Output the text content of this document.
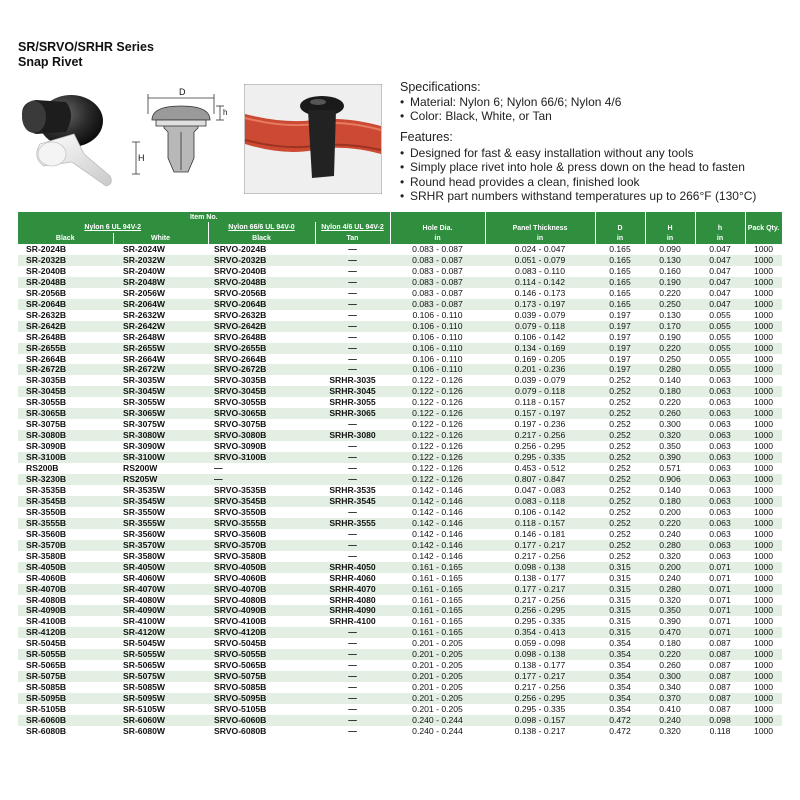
SR/SRVO/SRHR Series
Snap Rivet
D
h
H
Specifications:
• Material: Nylon 6; Nylon 66/6; Nylon 4/6
• Color: Black, White, or Tan
Features:
• Designed for fast & easy installation without any tools
• Simply place rivet into hole & press down on the head to fasten
• Round head provides a clean, finished look
• SRHR part numbers withstand temperatures up to 266°F (130°C)
Item No.				Hole Dia.	Panel Thickness	D	H	h	Pack Qty.
Nylon 6 UL 94V-2		Nylon 66/6 UL 94V-0	Nylon 4/6 UL 94V-2						
Black	White	Black	Tan	in	in	in	in	in	
SR-2024B	SR-2024W	SRVO-2024B	—	0.083 - 0.087	0.024 - 0.047	0.165	0.090	0.047	1000
SR-2032B	SR-2032W	SRVO-2032B	—	0.083 - 0.087	0.051 - 0.079	0.165	0.130	0.047	1000
SR-2040B	SR-2040W	SRVO-2040B	—	0.083 - 0.087	0.083 - 0.110	0.165	0.160	0.047	1000
SR-2048B	SR-2048W	SRVO-2048B	—	0.083 - 0.087	0.114 - 0.142	0.165	0.190	0.047	1000
SR-2056B	SR-2056W	SRVO-2056B	—	0.083 - 0.087	0.146 - 0.173	0.165	0.220	0.047	1000
SR-2064B	SR-2064W	SRVO-2064B	—	0.083 - 0.087	0.173 - 0.197	0.165	0.250	0.047	1000
SR-2632B	SR-2632W	SRVO-2632B	—	0.106 - 0.110	0.039 - 0.079	0.197	0.130	0.055	1000
SR-2642B	SR-2642W	SRVO-2642B	—	0.106 - 0.110	0.079 - 0.118	0.197	0.170	0.055	1000
SR-2648B	SR-2648W	SRVO-2648B	—	0.106 - 0.110	0.106 - 0.142	0.197	0.190	0.055	1000
SR-2655B	SR-2655W	SRVO-2655B	—	0.106 - 0.110	0.134 - 0.169	0.197	0.220	0.055	1000
SR-2664B	SR-2664W	SRVO-2664B	—	0.106 - 0.110	0.169 - 0.205	0.197	0.250	0.055	1000
SR-2672B	SR-2672W	SRVO-2672B	—	0.106 - 0.110	0.201 - 0.236	0.197	0.280	0.055	1000
SR-3035B	SR-3035W	SRVO-3035B	SRHR-3035	0.122 - 0.126	0.039 - 0.079	0.252	0.140	0.063	1000
SR-3045B	SR-3045W	SRVO-3045B	SRHR-3045	0.122 - 0.126	0.079 - 0.118	0.252	0.180	0.063	1000
SR-3055B	SR-3055W	SRVO-3055B	SRHR-3055	0.122 - 0.126	0.118 - 0.157	0.252	0.220	0.063	1000
SR-3065B	SR-3065W	SRVO-3065B	SRHR-3065	0.122 - 0.126	0.157 - 0.197	0.252	0.260	0.063	1000
SR-3075B	SR-3075W	SRVO-3075B	—	0.122 - 0.126	0.197 - 0.236	0.252	0.300	0.063	1000
SR-3080B	SR-3080W	SRVO-3080B	SRHR-3080	0.122 - 0.126	0.217 - 0.256	0.252	0.320	0.063	1000
SR-3090B	SR-3090W	SRVO-3090B	—	0.122 - 0.126	0.256 - 0.295	0.252	0.350	0.063	1000
SR-3100B	SR-3100W	SRVO-3100B	—	0.122 - 0.126	0.295 - 0.335	0.252	0.390	0.063	1000
RS200B	RS200W	—	—	0.122 - 0.126	0.453 - 0.512	0.252	0.571	0.063	1000
SR-3230B	RS205W	—	—	0.122 - 0.126	0.807 - 0.847	0.252	0.906	0.063	1000
SR-3535B	SR-3535W	SRVO-3535B	SRHR-3535	0.142 - 0.146	0.047 - 0.083	0.252	0.140	0.063	1000
SR-3545B	SR-3545W	SRVO-3545B	SRHR-3545	0.142 - 0.146	0.083 - 0.118	0.252	0.180	0.063	1000
SR-3550B	SR-3550W	SRVO-3550B	—	0.142 - 0.146	0.106 - 0.142	0.252	0.200	0.063	1000
SR-3555B	SR-3555W	SRVO-3555B	SRHR-3555	0.142 - 0.146	0.118 - 0.157	0.252	0.220	0.063	1000
SR-3560B	SR-3560W	SRVO-3560B	—	0.142 - 0.146	0.146 - 0.181	0.252	0.240	0.063	1000
SR-3570B	SR-3570W	SRVO-3570B	—	0.142 - 0.146	0.177 - 0.217	0.252	0.280	0.063	1000
SR-3580B	SR-3580W	SRVO-3580B	—	0.142 - 0.146	0.217 - 0.256	0.252	0.320	0.063	1000
SR-4050B	SR-4050W	SRVO-4050B	SRHR-4050	0.161 - 0.165	0.098 - 0.138	0.315	0.200	0.071	1000
SR-4060B	SR-4060W	SRVO-4060B	SRHR-4060	0.161 - 0.165	0.138 - 0.177	0.315	0.240	0.071	1000
SR-4070B	SR-4070W	SRVO-4070B	SRHR-4070	0.161 - 0.165	0.177 - 0.217	0.315	0.280	0.071	1000
SR-4080B	SR-4080W	SRVO-4080B	SRHR-4080	0.161 - 0.165	0.217 - 0.256	0.315	0.320	0.071	1000
SR-4090B	SR-4090W	SRVO-4090B	SRHR-4090	0.161 - 0.165	0.256 - 0.295	0.315	0.350	0.071	1000
SR-4100B	SR-4100W	SRVO-4100B	SRHR-4100	0.161 - 0.165	0.295 - 0.335	0.315	0.390	0.071	1000
SR-4120B	SR-4120W	SRVO-4120B	—	0.161 - 0.165	0.354 - 0.413	0.315	0.470	0.071	1000
SR-5045B	SR-5045W	SRVO-5045B	—	0.201 - 0.205	0.059 - 0.098	0.354	0.180	0.087	1000
SR-5055B	SR-5055W	SRVO-5055B	—	0.201 - 0.205	0.098 - 0.138	0.354	0.220	0.087	1000
SR-5065B	SR-5065W	SRVO-5065B	—	0.201 - 0.205	0.138 - 0.177	0.354	0.260	0.087	1000
SR-5075B	SR-5075W	SRVO-5075B	—	0.201 - 0.205	0.177 - 0.217	0.354	0.300	0.087	1000
SR-5085B	SR-5085W	SRVO-5085B	—	0.201 - 0.205	0.217 - 0.256	0.354	0.340	0.087	1000
SR-5095B	SR-5095W	SRVO-5095B	—	0.201 - 0.205	0.256 - 0.295	0.354	0.370	0.087	1000
SR-5105B	SR-5105W	SRVO-5105B	—	0.201 - 0.205	0.295 - 0.335	0.354	0.410	0.087	1000
SR-6060B	SR-6060W	SRVO-6060B	—	0.240 - 0.244	0.098 - 0.157	0.472	0.240	0.098	1000
SR-6080B	SR-6080W	SRVO-6080B	—	0.240 - 0.244	0.138 - 0.217	0.472	0.320	0.118	1000
